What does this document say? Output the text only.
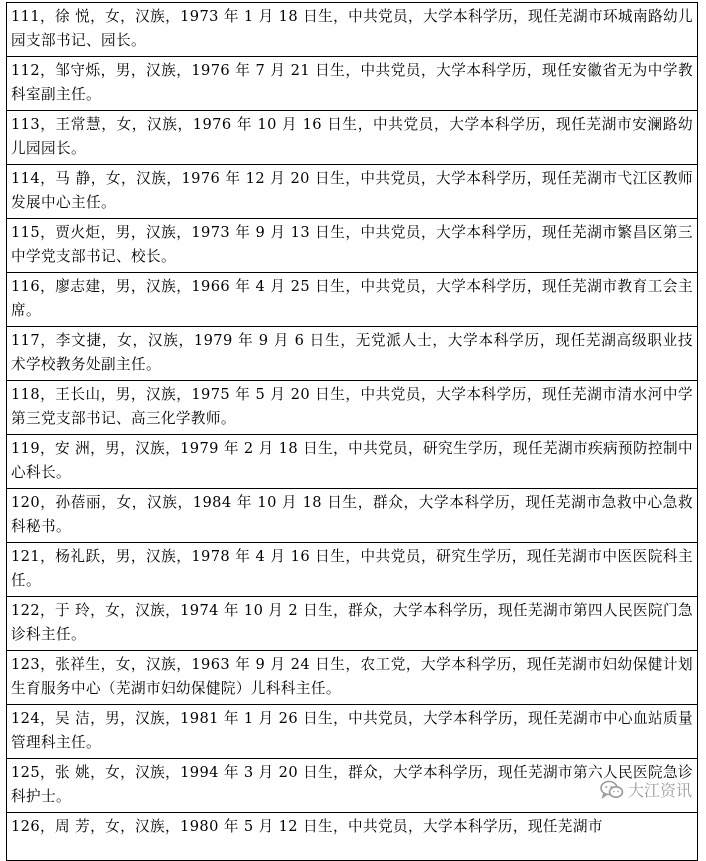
111，徐 悦，女，汉族，1973 年 1 月 18 日生，中共党员，大学本科学历，现任芜湖市环城南路幼儿园支部书记、园长。
112，邹守烁，男，汉族，1976 年 7 月 21 日生，中共党员，大学本科学历，现任安徽省无为中学教科室副主任。
113，王常慧，女，汉族，1976 年 10 月 16 日生，中共党员，大学本科学历，现任芜湖市安澜路幼儿园园长。
114，马 静，女，汉族，1976 年 12 月 20 日生，中共党员，大学本科学历，现任芜湖市弋江区教师发展中心主任。
115，贾火炬，男，汉族，1973 年 9 月 13 日生，中共党员，大学本科学历，现任芜湖市繁昌区第三中学党支部书记、校长。
116，廖志建，男，汉族，1966 年 4 月 25 日生，中共党员，大学本科学历，现任芜湖市教育工会主席。
117，李文捷，女，汉族，1979 年 9 月 6 日生，无党派人士，大学本科学历，现任芜湖高级职业技术学校教务处副主任。
118，王长山，男，汉族，1975 年 5 月 20 日生，中共党员，大学本科学历，现任芜湖市清水河中学第三党支部书记、高三化学教师。
119，安 洲，男，汉族，1979 年 2 月 18 日生，中共党员，研究生学历，现任芜湖市疾病预防控制中心科长。
120，孙蓓丽，女，汉族，1984 年 10 月 18 日生，群众，大学本科学历，现任芜湖市急救中心急救科秘书。
121，杨礼跃，男，汉族，1978 年 4 月 16 日生，中共党员，研究生学历，现任芜湖市中医医院科主任。
122，于 玲，女，汉族，1974 年 10 月 2 日生，群众，大学本科学历，现任芜湖市第四人民医院门急诊科主任。
123，张祥生，女，汉族，1963 年 9 月 24 日生，农工党，大学本科学历，现任芜湖市妇幼保健计划生育服务中心（芜湖市妇幼保健院）儿科科主任。
124，吴 洁，男，汉族，1981 年 1 月 26 日生，中共党员，大学本科学历，现任芜湖市中心血站质量管理科主任。
125，张 姚，女，汉族，1994 年 3 月 20 日生，群众，大学本科学历，现任芜湖市第六人民医院急诊科护士。
126，周 芳，女，汉族，1980 年 5 月 12 日生，中共党员，大学本科学历，现任芜湖市
大江资讯
